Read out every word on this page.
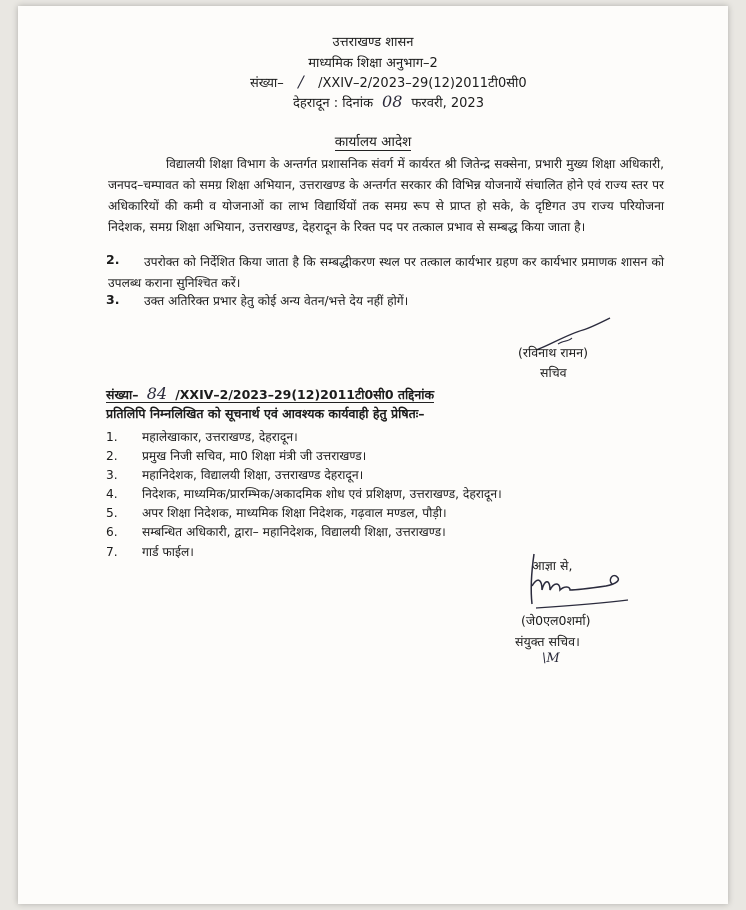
उत्तराखण्ड शासन
माध्यमिक शिक्षा अनुभाग–2
संख्या– / /XXIV–2/2023–29(12)2011टी0सी0
देहरादून : दिनांक 08 फरवरी, 2023
कार्यालय आदेश
विद्यालयी शिक्षा विभाग के अन्तर्गत प्रशासनिक संवर्ग में कार्यरत श्री जितेन्द्र सक्सेना, प्रभारी मुख्य शिक्षा अधिकारी, जनपद–चम्पावत को समग्र शिक्षा अभियान, उत्तराखण्ड के अन्तर्गत सरकार की विभिन्न योजनायें संचालित होने एवं राज्य स्तर पर अधिकारियों की कमी व योजनाओं का लाभ विद्यार्थियों तक समग्र रूप से प्राप्त हो सके, के दृष्टिगत उप राज्य परियोजना निदेशक, समग्र शिक्षा अभियान, उत्तराखण्ड, देहरादून के रिक्त पद पर तत्काल प्रभाव से सम्बद्ध किया जाता है।
2.	उपरोक्त को निर्देशित किया जाता है कि सम्बद्धीकरण स्थल पर तत्काल कार्यभार ग्रहण कर कार्यभार प्रमाणक शासन को उपलब्ध कराना सुनिश्चित करें।
3.	उक्त अतिरिक्त प्रभार हेतु कोई अन्य वेतन/भत्ते देय नहीं होगें।
(रविनाथ रामन)
सचिव
संख्या– 84 /XXIV–2/2023–29(12)2011टी0सी0 तद्दिनांक
प्रतिलिपि निम्नलिखित को सूचनार्थ एवं आवश्यक कार्यवाही हेतु प्रेषितः–
1. महालेखाकार, उत्तराखण्ड, देहरादून।
2. प्रमुख निजी सचिव, मा0 शिक्षा मंत्री जी उत्तराखण्ड।
3. महानिदेशक, विद्यालयी शिक्षा, उत्तराखण्ड देहरादून।
4. निदेशक, माध्यमिक/प्रारम्भिक/अकादमिक शोध एवं प्रशिक्षण, उत्तराखण्ड, देहरादून।
5. अपर शिक्षा निदेशक, माध्यमिक शिक्षा निदेशक, गढ़वाल मण्डल, पौड़ी।
6. सम्बन्धित अधिकारी, द्वारा– महानिदेशक, विद्यालयी शिक्षा, उत्तराखण्ड।
7. गार्ड फाईल।
आज्ञा से,
(जे0एल0शर्मा)
संयुक्त सचिव।
\M
